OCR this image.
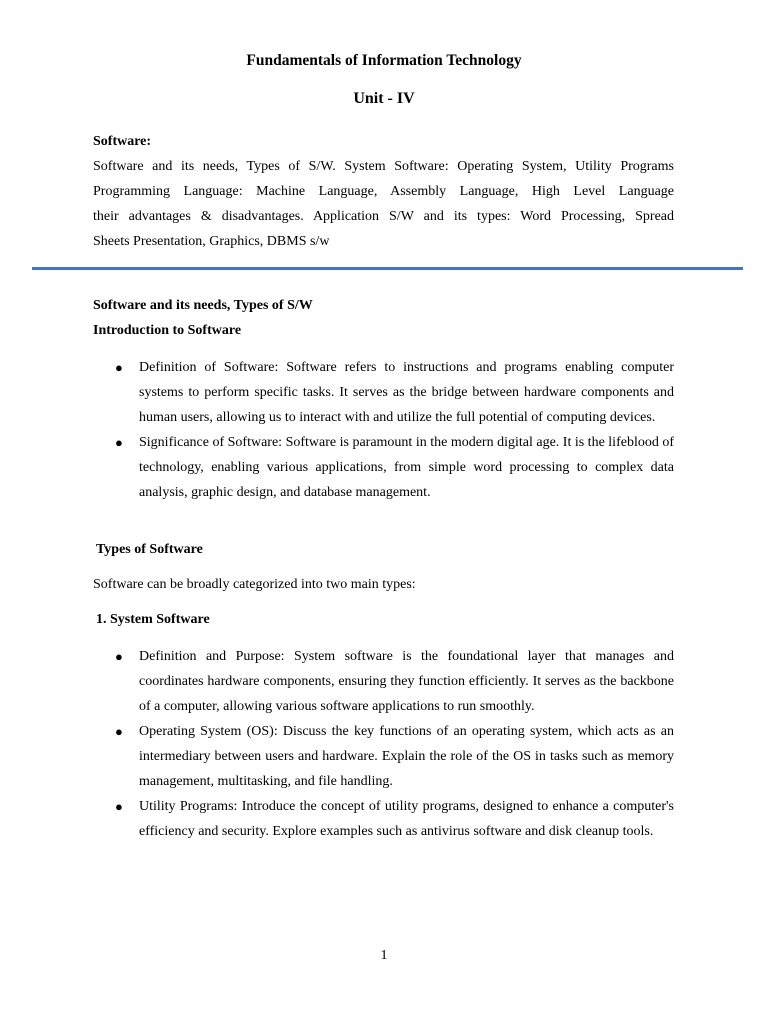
Fundamentals of Information Technology
Unit - IV
Software:
Software and its needs, Types of S/W. System Software: Operating System, Utility Programs
Programming Language: Machine Language, Assembly Language, High Level Language
their advantages & disadvantages. Application S/W and its types: Word Processing, Spread
Sheets Presentation, Graphics, DBMS s/w
Software and its needs, Types of S/W
Introduction to Software
● Definition of Software: Software refers to instructions and programs enabling computer systems to perform specific tasks. It serves as the bridge between hardware components and human users, allowing us to interact with and utilize the full potential of computing devices.
● Significance of Software: Software is paramount in the modern digital age. It is the lifeblood of technology, enabling various applications, from simple word processing to complex data analysis, graphic design, and database management.
Types of Software
Software can be broadly categorized into two main types:
1. System Software
● Definition and Purpose: System software is the foundational layer that manages and coordinates hardware components, ensuring they function efficiently. It serves as the backbone of a computer, allowing various software applications to run smoothly.
● Operating System (OS): Discuss the key functions of an operating system, which acts as an intermediary between users and hardware. Explain the role of the OS in tasks such as memory management, multitasking, and file handling.
● Utility Programs: Introduce the concept of utility programs, designed to enhance a computer's efficiency and security. Explore examples such as antivirus software and disk cleanup tools.
1
